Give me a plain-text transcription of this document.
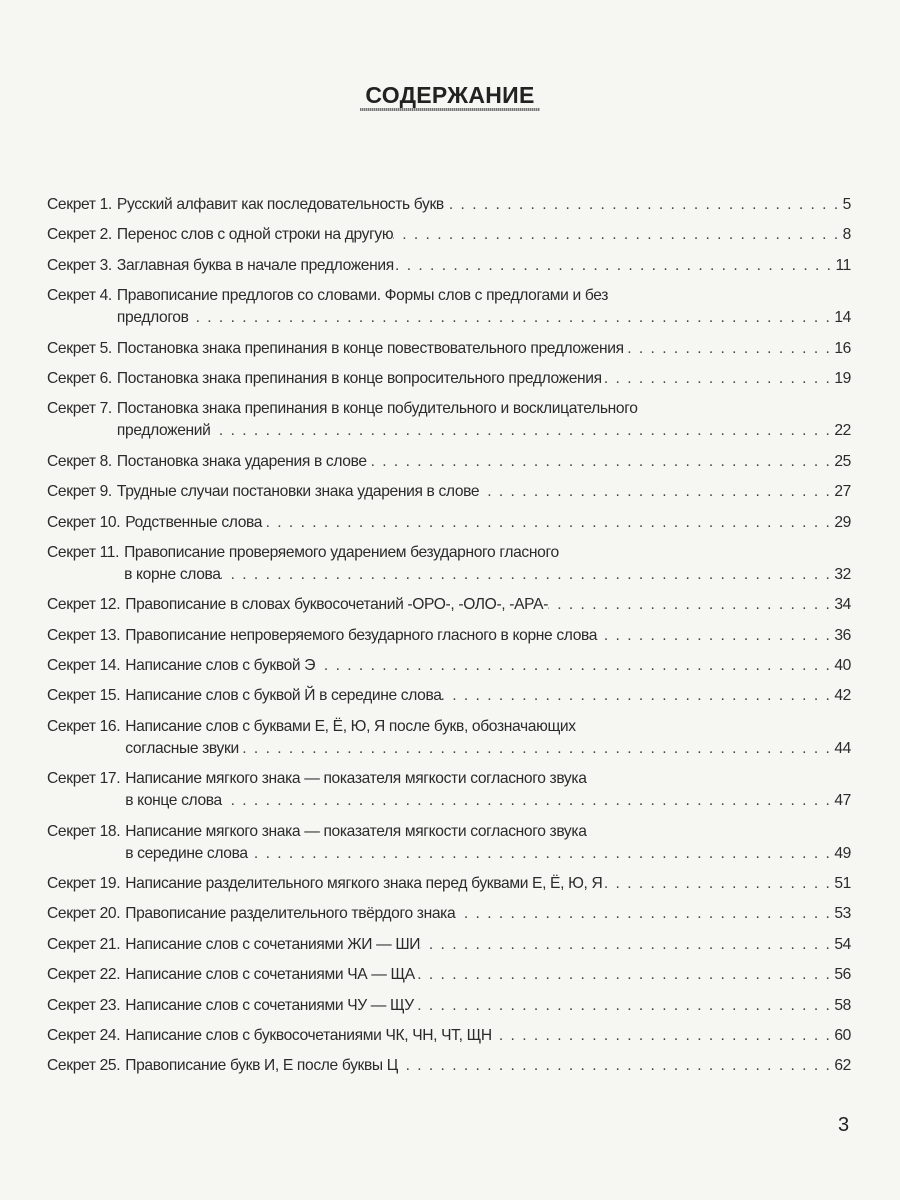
СОДЕРЖАНИЕ
Секрет 1. Русский алфавит как последовательность букв . . .	5
Секрет 2. Перенос слов с одной строки на другую . . .	8
Секрет 3. Заглавная буква в начале предложения . . .	11
Секрет 4. Правописание предлогов со словами. Формы слов с предлогами и без
предлогов . . .	14
Секрет 5. Постановка знака препинания в конце повествовательного предложения . . .	16
Секрет 6. Постановка знака препинания в конце вопросительного предложения . . .	19
Секрет 7. Постановка знака препинания в конце побудительного и восклицательного
предложений . . .	22
Секрет 8. Постановка знака ударения в слове . . .	25
Секрет 9. Трудные случаи постановки знака ударения в слове . . .	27
Секрет 10. Родственные слова . . .	29
Секрет 11. Правописание проверяемого ударением безударного гласного
в корне слова . . .	32
Секрет 12. Правописание в словах буквосочетаний -ОРО-, -ОЛО-, -АРА- . . .	34
Секрет 13. Правописание непроверяемого безударного гласного в корне слова . . .	36
Секрет 14. Написание слов с буквой Э . . .	40
Секрет 15. Написание слов с буквой Й в середине слова . . .	42
Секрет 16. Написание слов с буквами Е, Ё, Ю, Я после букв, обозначающих
согласные звуки . . .	44
Секрет 17. Написание мягкого знака — показателя мягкости согласного звука
в конце слова . . .	47
Секрет 18. Написание мягкого знака — показателя мягкости согласного звука
в середине слова . . .	49
Секрет 19. Написание разделительного мягкого знака перед буквами Е, Ё, Ю, Я . . .	51
Секрет 20. Правописание разделительного твёрдого знака . . .	53
Секрет 21. Написание слов с сочетаниями ЖИ — ШИ . . .	54
Секрет 22. Написание слов с сочетаниями ЧА — ЩА . . .	56
Секрет 23. Написание слов с сочетаниями ЧУ — ЩУ . . .	58
Секрет 24. Написание слов с буквосочетаниями ЧК, ЧН, ЧТ, ЩН . . .	60
Секрет 25. Правописание букв И, Е после буквы Ц . . .	62
3
